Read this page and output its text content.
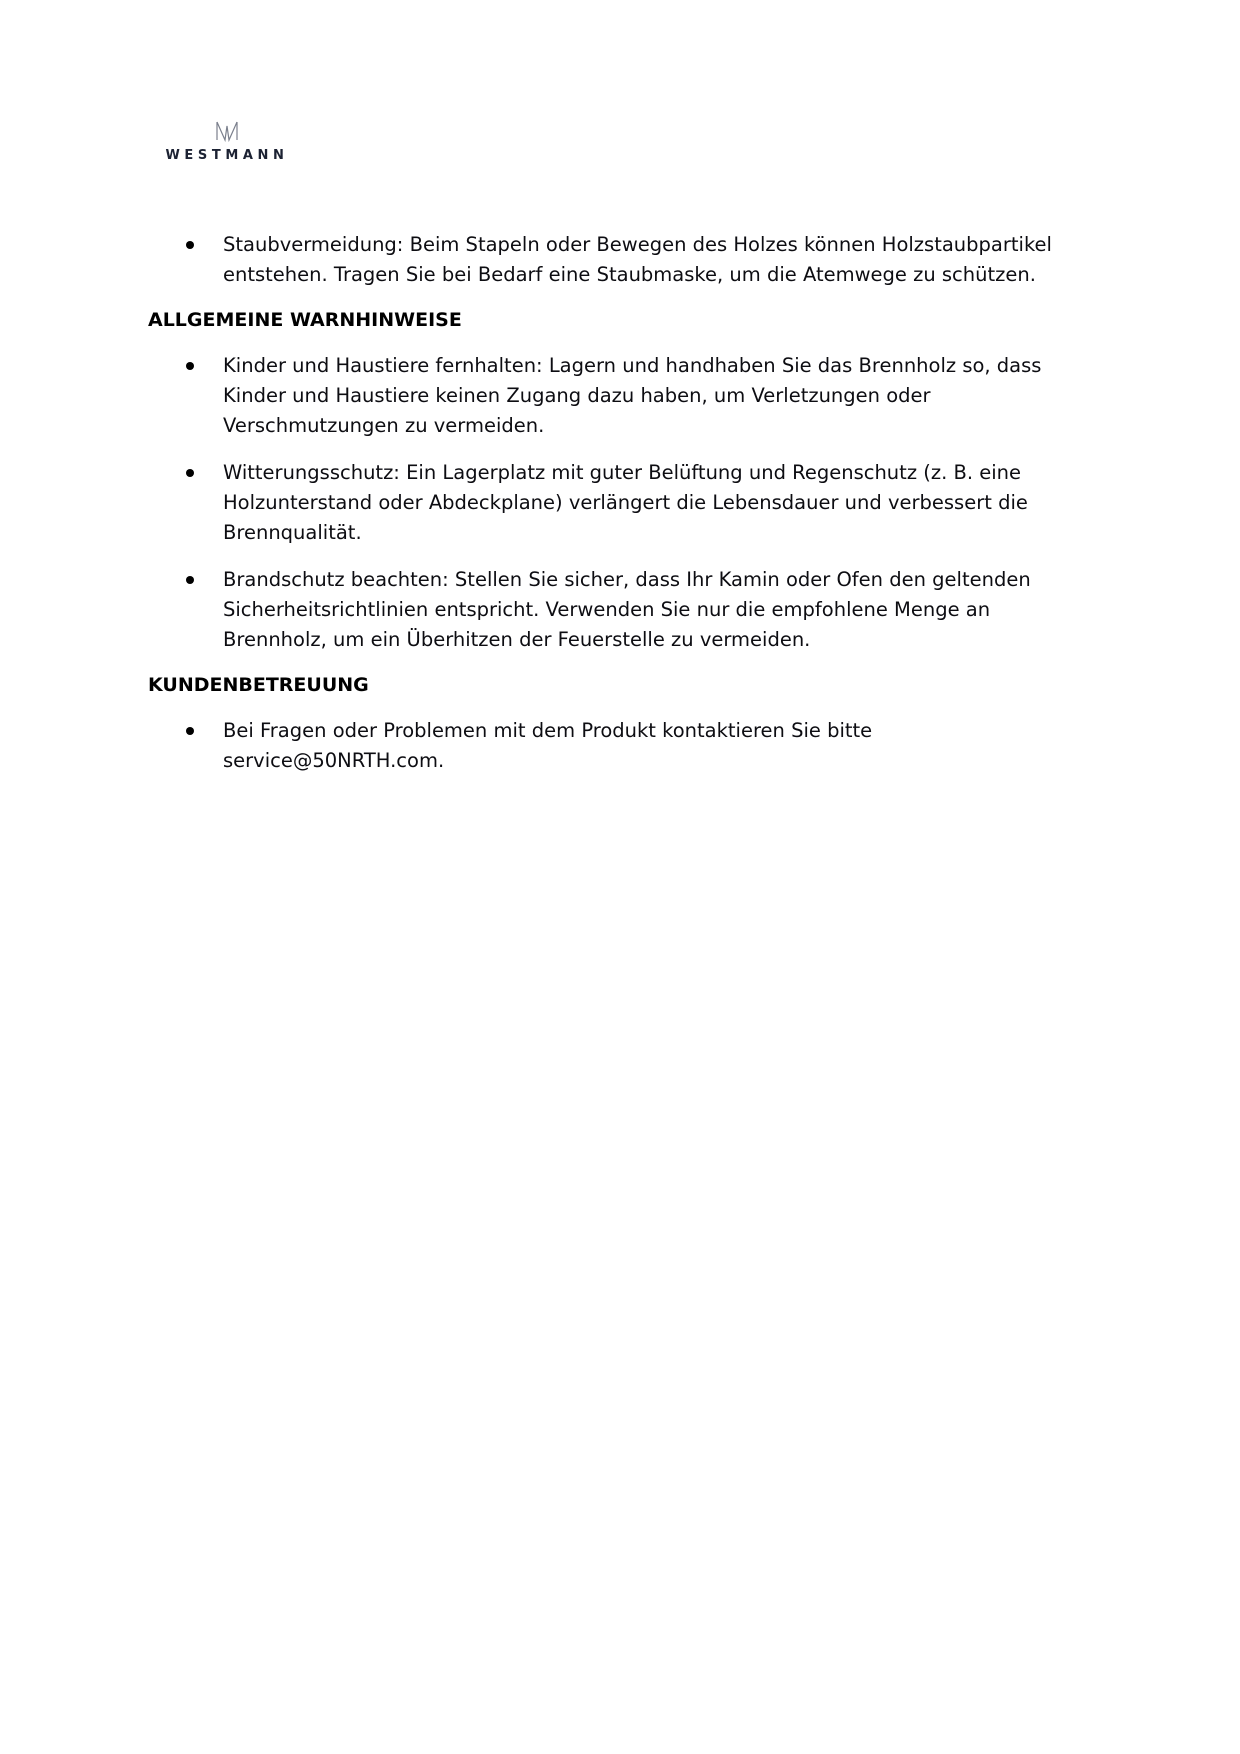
WESTMANN
Staubvermeidung: Beim Stapeln oder Bewegen des Holzes können Holzstaubpartikel entstehen. Tragen Sie bei Bedarf eine Staubmaske, um die Atemwege zu schützen.
ALLGEMEINE WARNHINWEISE
Kinder und Haustiere fernhalten: Lagern und handhaben Sie das Brennholz so, dass Kinder und Haustiere keinen Zugang dazu haben, um Verletzungen oder Verschmutzungen zu vermeiden.
Witterungsschutz: Ein Lagerplatz mit guter Belüftung und Regenschutz (z. B. eine Holzunterstand oder Abdeckplane) verlängert die Lebensdauer und verbessert die Brennqualität.
Brandschutz beachten: Stellen Sie sicher, dass Ihr Kamin oder Ofen den geltenden Sicherheitsrichtlinien entspricht. Verwenden Sie nur die empfohlene Menge an Brennholz, um ein Überhitzen der Feuerstelle zu vermeiden.
KUNDENBETREUUNG
Bei Fragen oder Problemen mit dem Produkt kontaktieren Sie bitte service@50NRTH.com.
